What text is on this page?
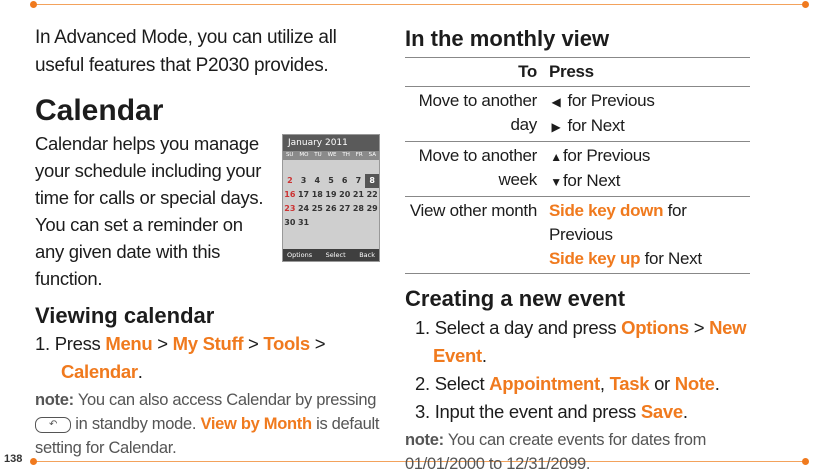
138

In Advanced Mode, you can utilize all useful features that P2030 provides.

Calendar

Calendar helps you manage your schedule including your time for calls or special days. You can set a reminder on any given date with this function.

Viewing calendar

1. Press Menu > My Stuff > Tools > Calendar.

note: You can also access Calendar by pressing ↶ in standby mode. View by Month is default setting for Calendar.

January 2011
SU MO TU WE TH FR SA
2	3	4	5	6	7	8
16 17 18 19 20 21 22
23 24 25 26 27 28 29
30 31
Options Select Back
In the monthly view
To	Press
Move to another day	◀ for Previous
▶ for Next
Move to another week	▲for Previous
▼for Next
View other month	Side key down for Previous
Side key up for Next
Creating a new event

1. Select a day and press Options > New Event.

2. Select Appointment, Task or Note.

3. Input the event and press Save.

note: You can create events for dates from 01/01/2000 to 12/31/2099.
